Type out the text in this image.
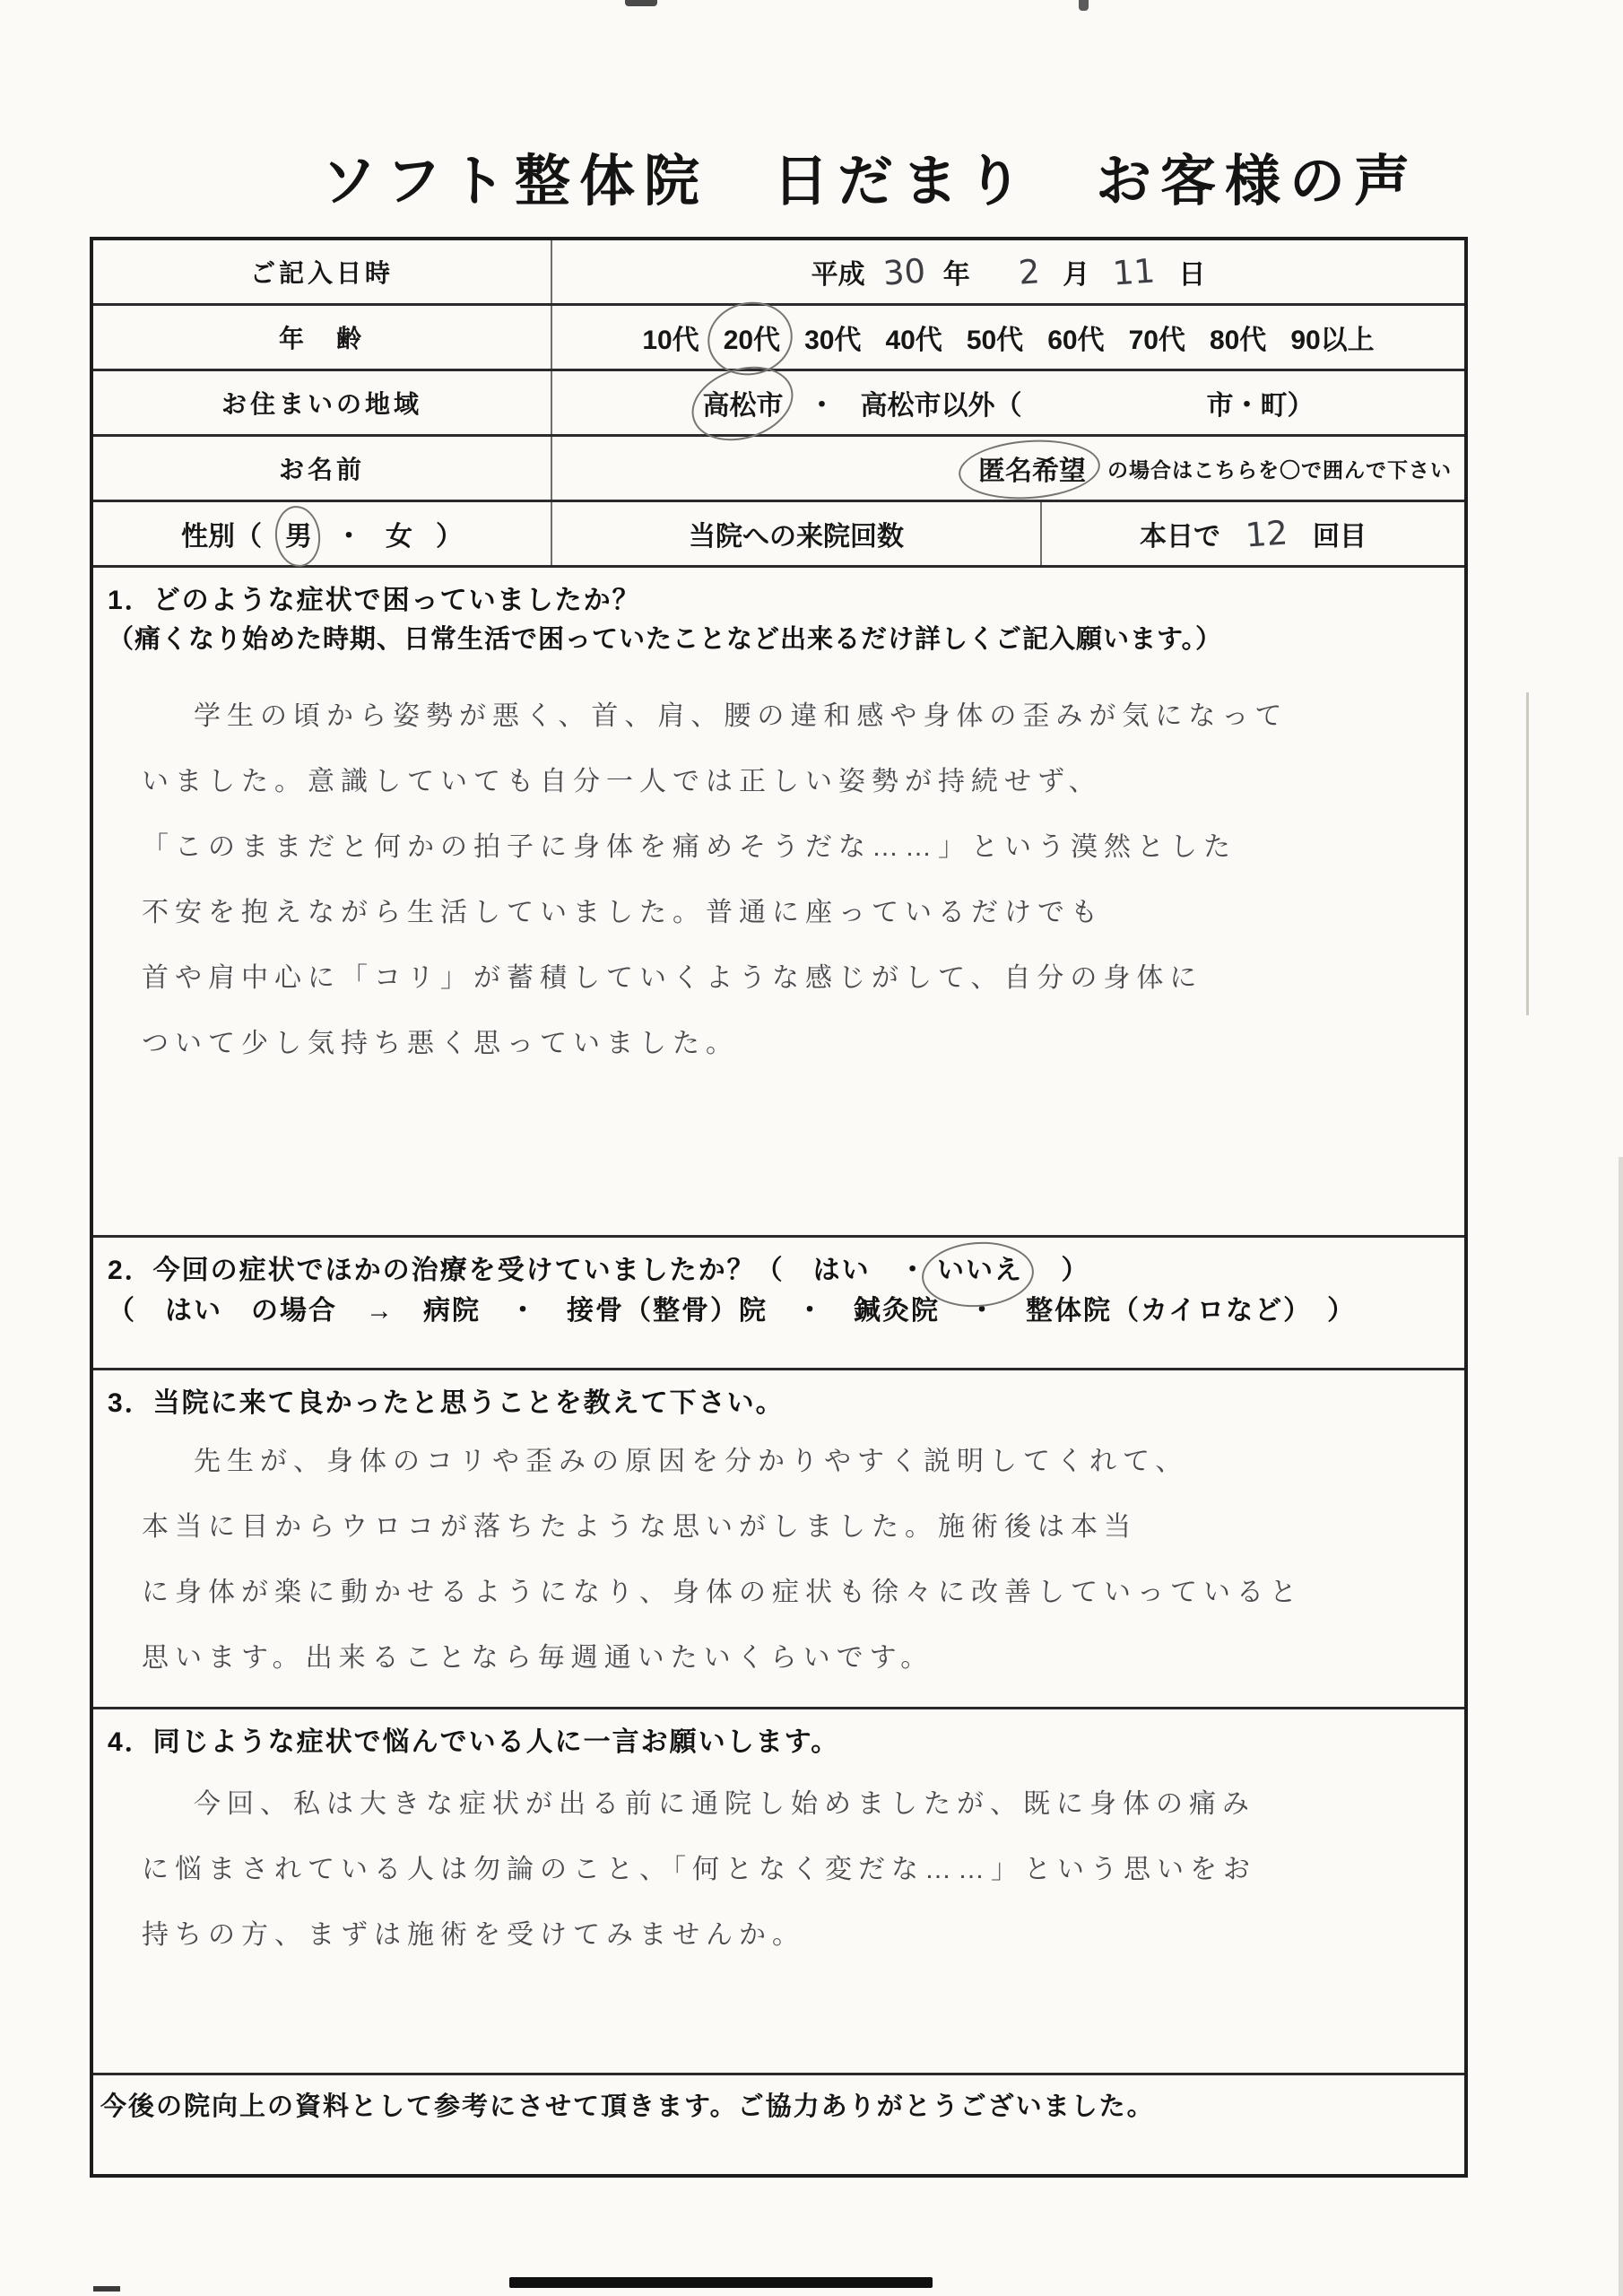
ソフト整体院　日だまり　お客様の声
ご記入日時	平成 30 年 2 月 11 日
年　齢	10代 20代 30代 40代 50代 60代 70代 80代 90以上
お住まいの地域	高松市 ・ 高松市以外（	市・町）
お名前	匿名希望 の場合はこちらを〇で囲んで下さい
性別（ 男 ・ 女 ）	当院への来院回数	本日で 12 回目
1．どのような症状で困っていましたか？
（痛くなり始めた時期、日常生活で困っていたことなど出来るだけ詳しくご記入願います。）
学生の頃から姿勢が悪く、首、肩、腰の違和感や身体の歪みが気になって
いました。意識していても自分一人では正しい姿勢が持続せず、
「このままだと何かの拍子に身体を痛めそうだな……」という漠然とした
不安を抱えながら生活していました。普通に座っているだけでも
首や肩中心に「コリ」が蓄積していくような感じがして、自分の身体に
ついて少し気持ち悪く思っていました。
2．今回の症状でほかの治療を受けていましたか？（　はい　・ いいえ 　）
（　はい　の場合　→　病院　・　接骨（整骨）院　・　鍼灸院　・　整体院（カイロなど）　）
3．当院に来て良かったと思うことを教えて下さい。
先生が、身体のコリや歪みの原因を分かりやすく説明してくれて、
本当に目からウロコが落ちたような思いがしました。施術後は本当
に身体が楽に動かせるようになり、身体の症状も徐々に改善していっていると
思います。出来ることなら毎週通いたいくらいです。
4．同じような症状で悩んでいる人に一言お願いします。
今回、私は大きな症状が出る前に通院し始めましたが、既に身体の痛み
に悩まされている人は勿論のこと、「何となく変だな……」という思いをお
持ちの方、まずは施術を受けてみませんか。
今後の院向上の資料として参考にさせて頂きます。ご協力ありがとうございました。
